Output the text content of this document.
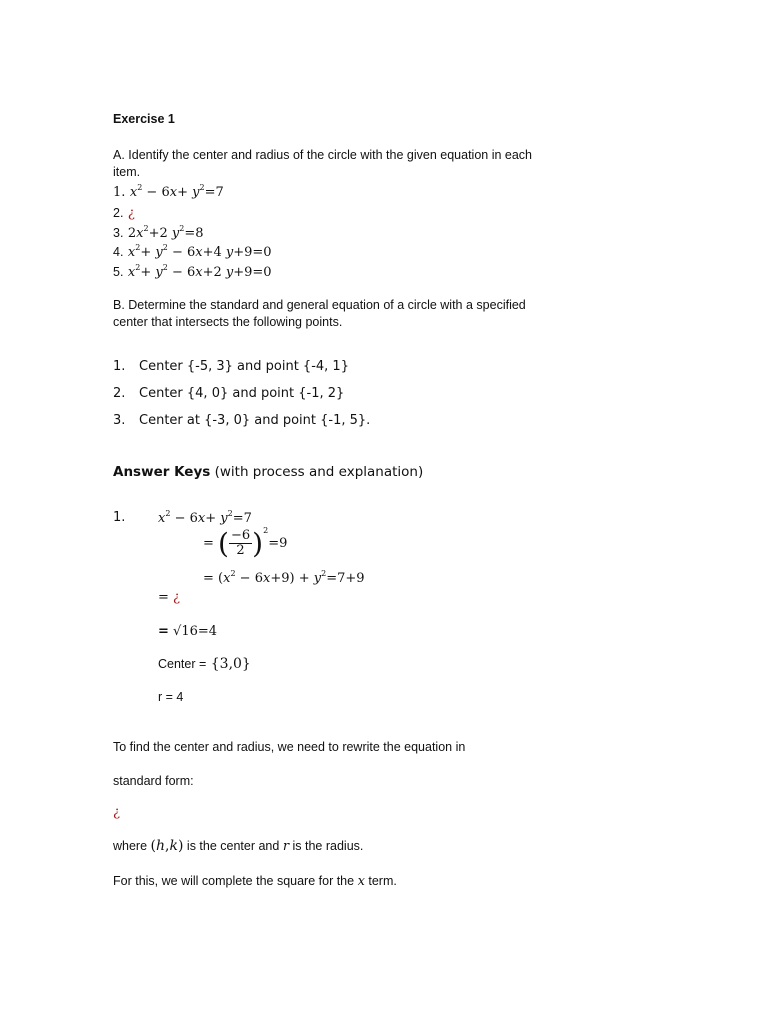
Exercise 1
A. Identify the center and radius of the circle with the given equation in each item.
1. $x^2 - 6x+ y^2=7$
2. ¿
3. $2x^2+2$ $y^2=8$
4. $x^2+ y^2 - 6x+4$ y+9=0
5. $x^2+ y^2 - 6x+2$ y+9=0
B. Determine the standard and general equation of a circle with a specified center that intersects the following points.
1. Center {-5, 3} and point {-4, 1}
2. Center {4, 0} and point {-1, 2}
3. Center at {-3, 0} and point {-1, 5}.
Answer Keys (with process and explanation)
1.	$x^2 - 6x+ y^2=7$
= ( $\frac{-6}{2} )^2=9$
= $(x^2 - 6x+9) + y^2=7+9$
= ¿
= √16=4
Center = {3,0}
r = 4
To find the center and radius, we need to rewrite the equation in
standard form:
¿
where (h,k) is the center and r is the radius.
For this, we will complete the square for the x term.
